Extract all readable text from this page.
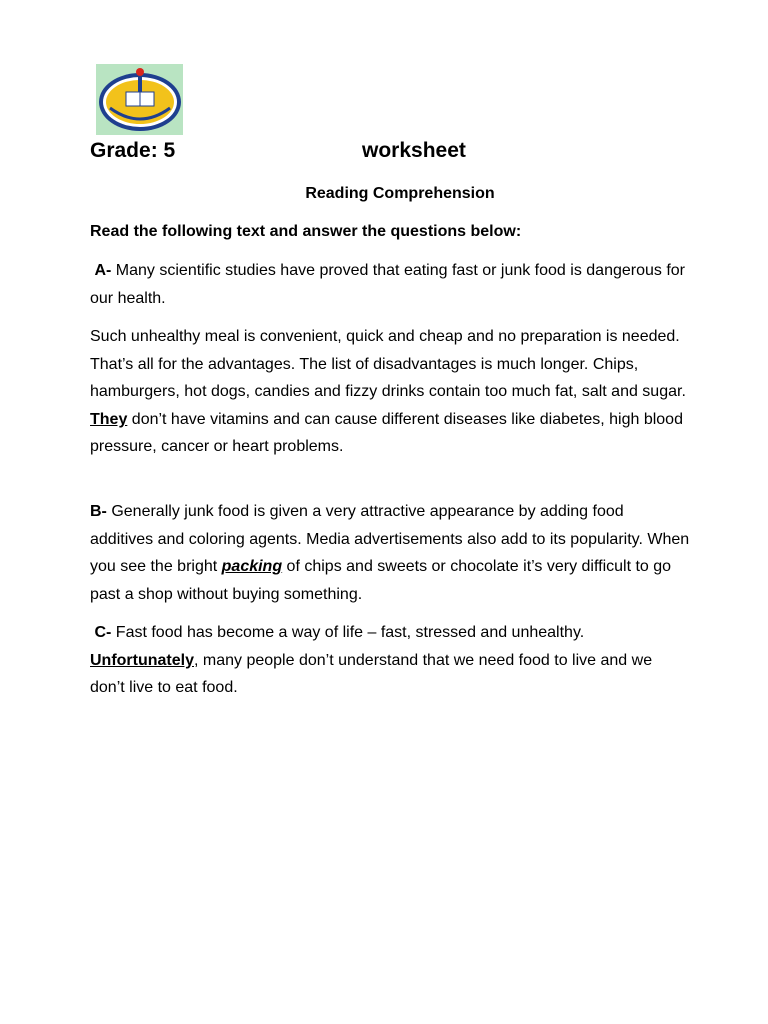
Grade: 5	worksheet
Reading Comprehension
Read the following text and answer the questions below:

A- Many scientific studies have proved that eating fast or junk food is dangerous for our health.

Such unhealthy meal is convenient, quick and cheap and no preparation is needed. That’s all for the advantages. The list of disadvantages is much longer. Chips, hamburgers, hot dogs, candies and fizzy drinks contain too much fat, salt and sugar. They don’t have vitamins and can cause different diseases like diabetes, high blood pressure, cancer or heart problems.

B- Generally junk food is given a very attractive appearance by adding food additives and coloring agents. Media advertisements also add to its popularity. When you see the bright packing of chips and sweets or chocolate it’s very difficult to go past a shop without buying something.

C- Fast food has become a way of life – fast, stressed and unhealthy. Unfortunately, many people don’t understand that we need food to live and we don’t live to eat food.
